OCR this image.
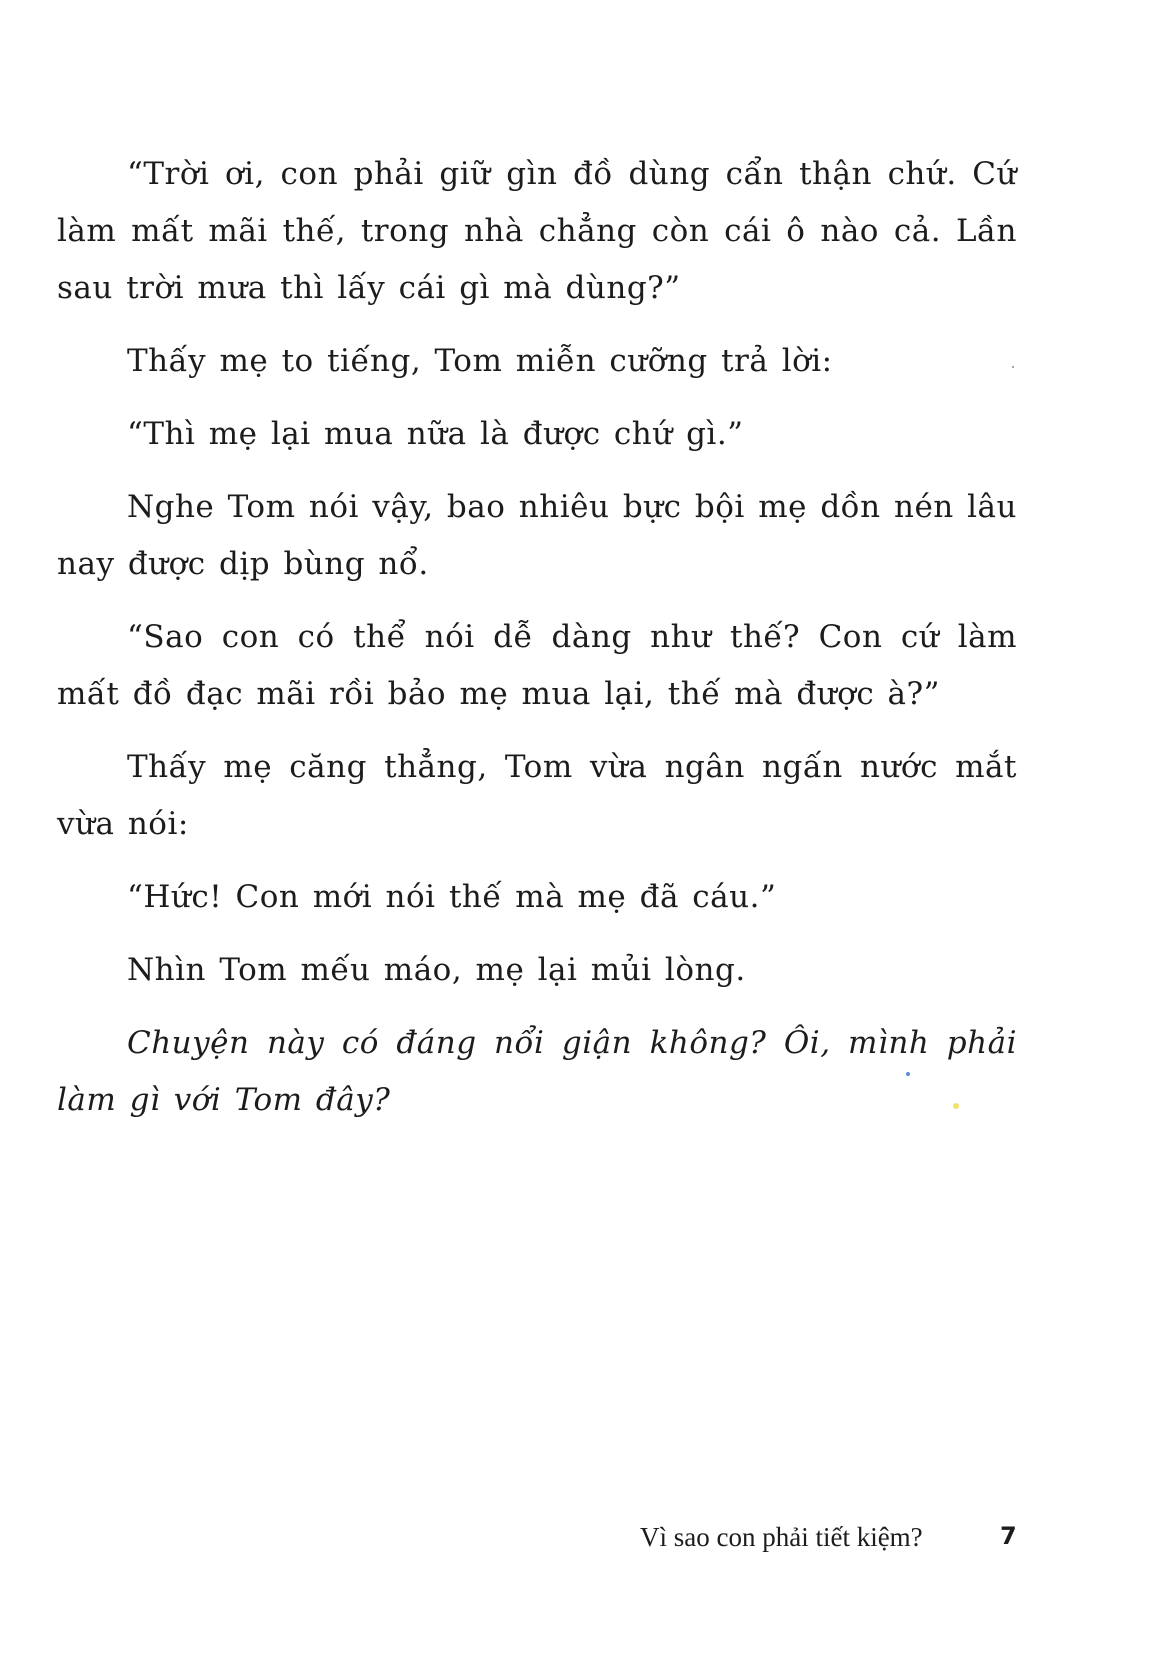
“Trời ơi, con phải giữ gìn đồ dùng cẩn thận chứ. Cứ làm mất mãi thế, trong nhà chẳng còn cái ô nào cả. Lần sau trời mưa thì lấy cái gì mà dùng?”

Thấy mẹ to tiếng, Tom miễn cưỡng trả lời:

“Thì mẹ lại mua nữa là được chứ gì.”

Nghe Tom nói vậy, bao nhiêu bực bội mẹ dồn nén lâu nay được dịp bùng nổ.

“Sao con có thể nói dễ dàng như thế? Con cứ làm mất đồ đạc mãi rồi bảo mẹ mua lại, thế mà được à?”

Thấy mẹ căng thẳng, Tom vừa ngân ngấn nước mắt vừa nói:

“Hức! Con mới nói thế mà mẹ đã cáu.”

Nhìn Tom mếu máo, mẹ lại mủi lòng.

Chuyện này có đáng nổi giận không? Ôi, mình phải làm gì với Tom đây?

Vì sao con phải tiết kiệm?	7
